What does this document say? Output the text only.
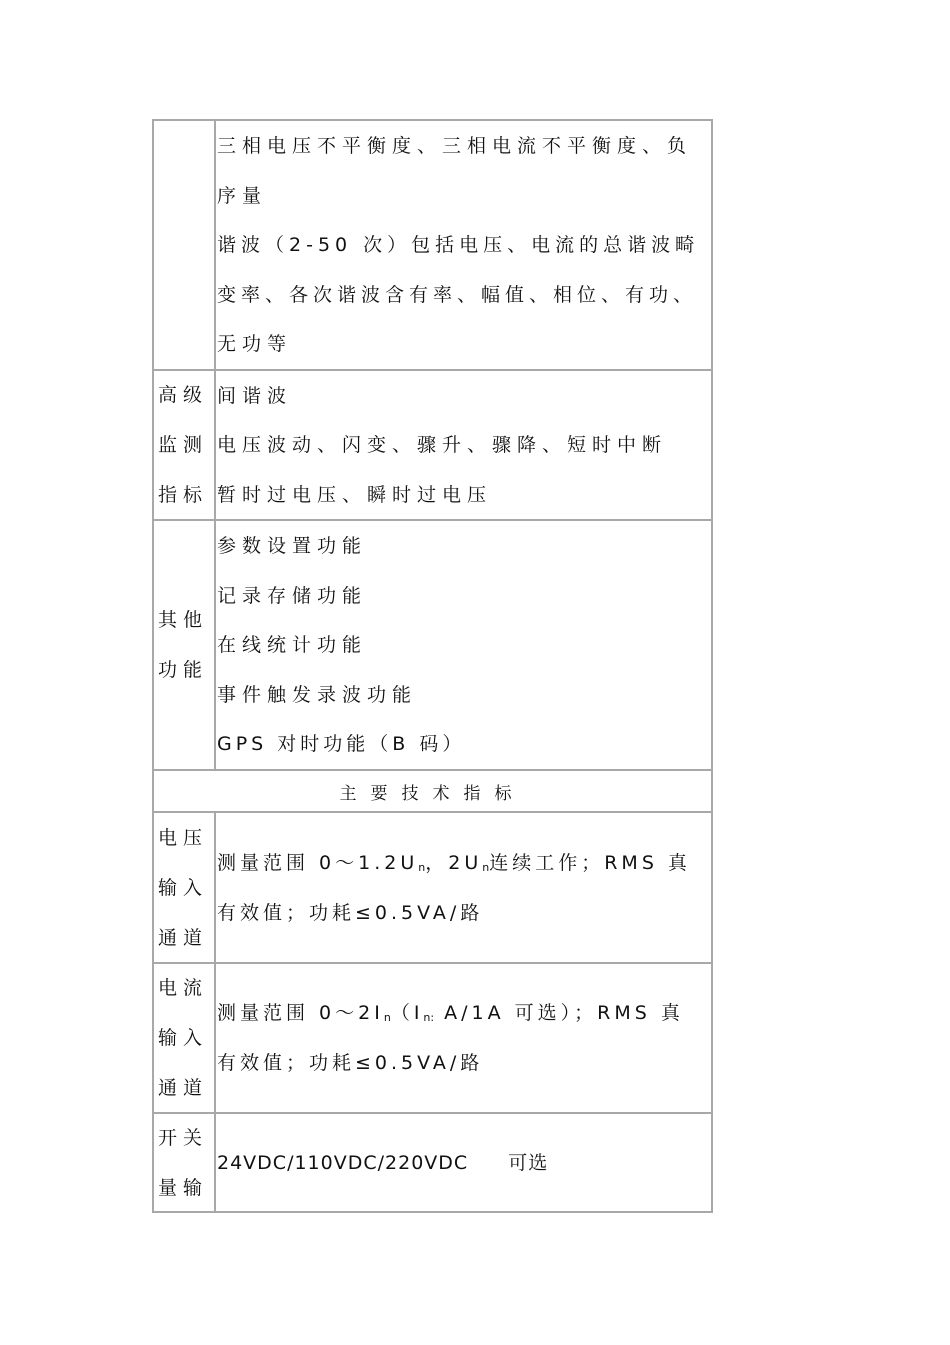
三相电压不平衡度、三相电流不平衡度、负
序量
谐波（2-50 次）包括电压、电流的总谐波畸
变率、各次谐波含有率、幅值、相位、有功、
无功等
高级
监测
指标
间谐波
电压波动、闪变、骤升、骤降、短时中断
暂时过电压、瞬时过电压
其他
功能
参数设置功能
记录存储功能
在线统计功能
事件触发录波功能
GPS 对时功能（B 码）
主要技术指标
电压
输入
通道
测量范围 $0\sim 1.2U_n$，$2U_n$连续工作；RMS 真
有效值；功耗≤0.5VA/路
电流
输入
通道
测量范围 $0\sim 2I_n(I_{n:}$ A/1A 可选）；RMS 真
有效值；功耗≤0.5VA/路
开关
量输
24VDC/110VDC/220VDC　　可选
